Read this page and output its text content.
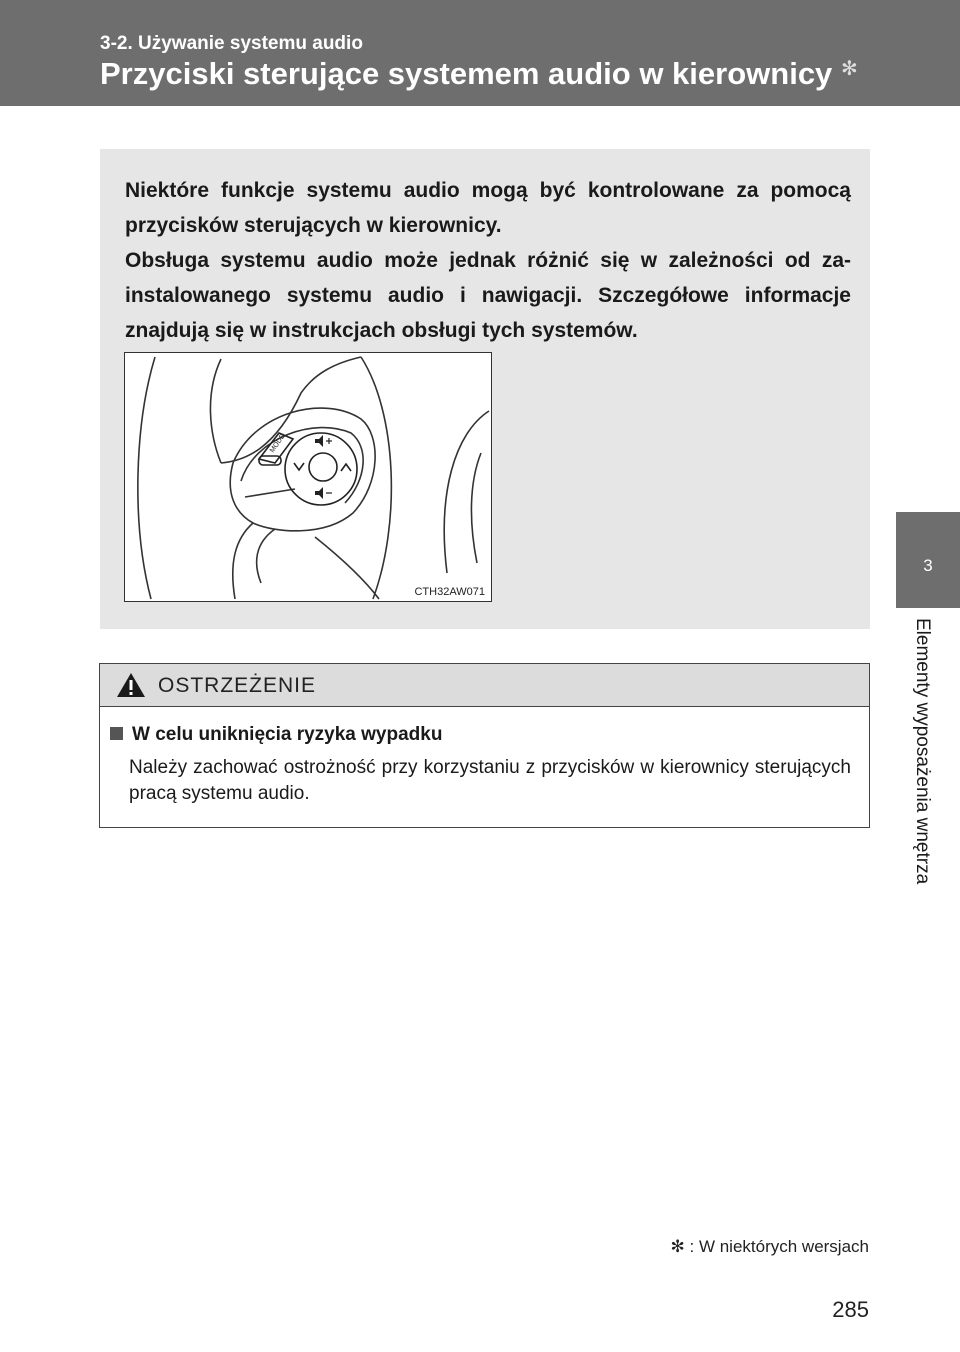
3-2. Używanie systemu audio
Przyciski sterujące systemem audio w kierownicy ✻
3
Elementy wyposażenia wnętrza

Niektóre funkcje systemu audio mogą być kontrolowane za pomocą przycisków sterujących w kierownicy.

Obsługa systemu audio może jednak różnić się w zależności od za-instalowanego systemu audio i nawigacji. Szczegółowe informacje znajdują się w instrukcjach obsługi tych systemów.

MODE
CTH32AW071
OSTRZEŻENIE
W celu uniknięcia ryzyka wypadku
Należy zachować ostrożność przy korzystaniu z przycisków w kierownicy sterujących pracą systemu audio.
✻ : W niektórych wersjach
285
